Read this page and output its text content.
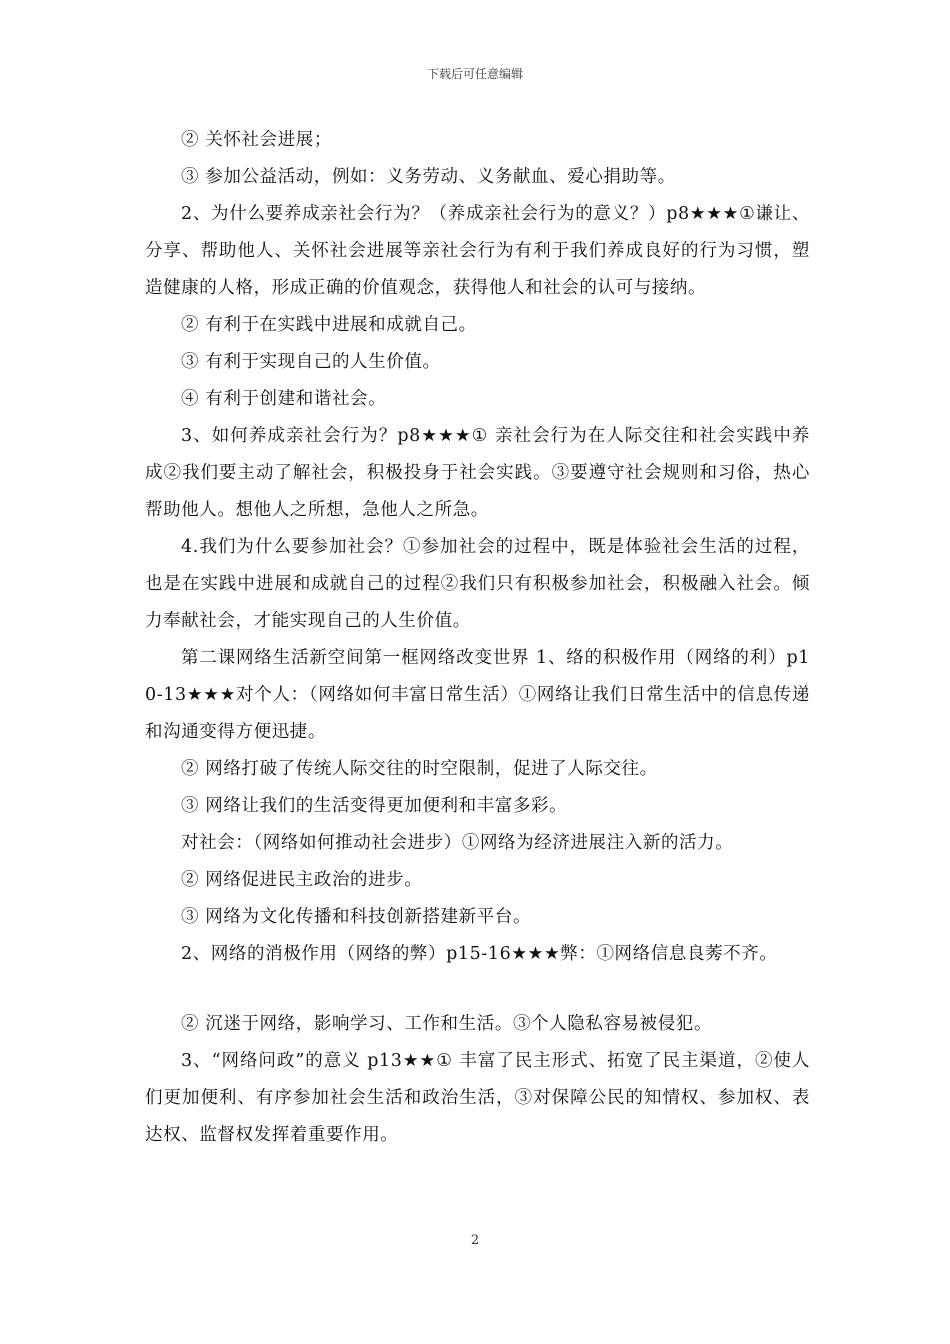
下载后可任意编辑

② 关怀社会进展；

③ 参加公益活动，例如：义务劳动、义务献血、爱心捐助等。

2、为什么要养成亲社会行为？（养成亲社会行为的意义？）p8★★★①谦让、分享、帮助他人、关怀社会进展等亲社会行为有利于我们养成良好的行为习惯，塑造健康的人格，形成正确的价值观念，获得他人和社会的认可与接纳。

② 有利于在实践中进展和成就自己。

③ 有利于实现自己的人生价值。

④ 有利于创建和谐社会。

3、如何养成亲社会行为？p8★★★① 亲社会行为在人际交往和社会实践中养成②我们要主动了解社会，积极投身于社会实践。③要遵守社会规则和习俗，热心帮助他人。想他人之所想，急他人之所急。

4.我们为什么要参加社会？①参加社会的过程中，既是体验社会生活的过程，也是在实践中进展和成就自己的过程②我们只有积极参加社会，积极融入社会。倾力奉献社会，才能实现自己的人生价值。

第二课网络生活新空间第一框网络改变世界 1、络的积极作用（网络的利）p10-13★★★对个人：（网络如何丰富日常生活）①网络让我们日常生活中的信息传递和沟通变得方便迅捷。

② 网络打破了传统人际交往的时空限制，促进了人际交往。

③ 网络让我们的生活变得更加便利和丰富多彩。

对社会：（网络如何推动社会进步）①网络为经济进展注入新的活力。

② 网络促进民主政治的进步。

③ 网络为文化传播和科技创新搭建新平台。

2、网络的消极作用（网络的弊）p15-16★★★弊：①网络信息良莠不齐。

② 沉迷于网络，影响学习、工作和生活。③个人隐私容易被侵犯。

3、“网络问政”的意义 p13★★① 丰富了民主形式、拓宽了民主渠道，②使人们更加便利、有序参加社会生活和政治生活，③对保障公民的知情权、参加权、表达权、监督权发挥着重要作用。

2
